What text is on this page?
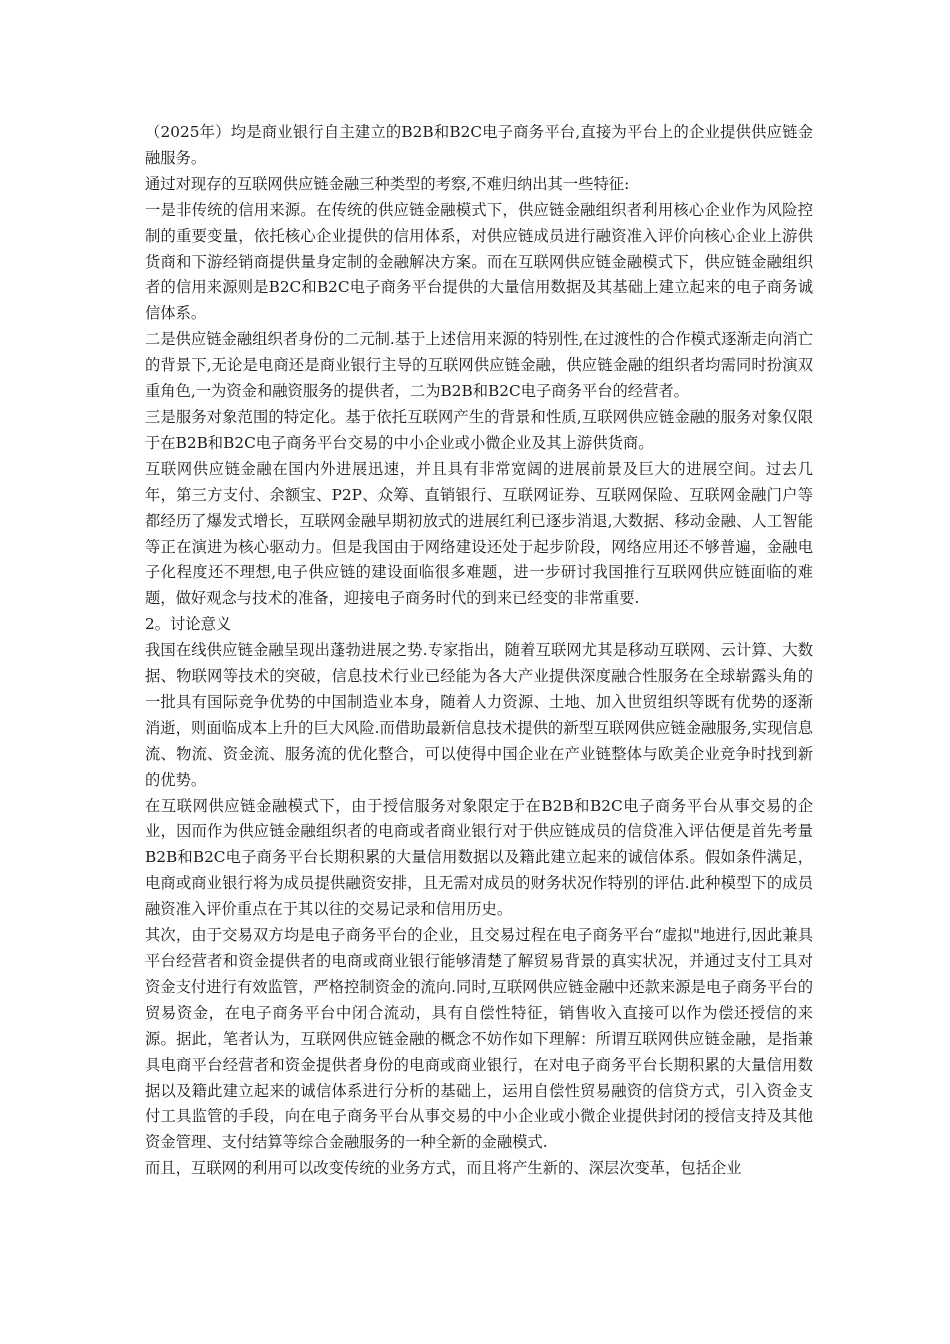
（2025年）均是商业银行自主建立的B2B和B2C电子商务平台,直接为平台上的企业提供供应链金融服务。

通过对现存的互联网供应链金融三种类型的考察,不难归纳出其一些特征:

一是非传统的信用来源。在传统的供应链金融模式下，供应链金融组织者利用核心企业作为风险控制的重要变量，依托核心企业提供的信用体系，对供应链成员进行融资准入评价向核心企业上游供货商和下游经销商提供量身定制的金融解决方案。而在互联网供应链金融模式下，供应链金融组织者的信用来源则是B2C和B2C电子商务平台提供的大量信用数据及其基础上建立起来的电子商务诚信体系。

二是供应链金融组织者身份的二元制.基于上述信用来源的特别性,在过渡性的合作模式逐渐走向消亡的背景下,无论是电商还是商业银行主导的互联网供应链金融，供应链金融的组织者均需同时扮演双重角色,一为资金和融资服务的提供者，二为B2B和B2C电子商务平台的经营者。

三是服务对象范围的特定化。基于依托互联网产生的背景和性质,互联网供应链金融的服务对象仅限于在B2B和B2C电子商务平台交易的中小企业或小微企业及其上游供货商。

互联网供应链金融在国内外进展迅速，并且具有非常宽阔的进展前景及巨大的进展空间。过去几年，第三方支付、余额宝、P2P、众筹、直销银行、互联网证券、互联网保险、互联网金融门户等都经历了爆发式增长，互联网金融早期初放式的进展红利已逐步消退,大数据、移动金融、人工智能等正在演进为核心驱动力。但是我国由于网络建设还处于起步阶段，网络应用还不够普遍，金融电子化程度还不理想,电子供应链的建设面临很多难题，进一步研讨我国推行互联网供应链面临的难题，做好观念与技术的准备，迎接电子商务时代的到来已经变的非常重要.

2。讨论意义

我国在线供应链金融呈现出蓬勃进展之势.专家指出，随着互联网尤其是移动互联网、云计算、大数据、物联网等技术的突破，信息技术行业已经能为各大产业提供深度融合性服务在全球崭露头角的一批具有国际竞争优势的中国制造业本身，随着人力资源、土地、加入世贸组织等既有优势的逐渐消逝，则面临成本上升的巨大风险.而借助最新信息技术提供的新型互联网供应链金融服务,实现信息流、物流、资金流、服务流的优化整合，可以使得中国企业在产业链整体与欧美企业竞争时找到新的优势。

在互联网供应链金融模式下，由于授信服务对象限定于在B2B和B2C电子商务平台从事交易的企业，因而作为供应链金融组织者的电商或者商业银行对于供应链成员的信贷准入评估便是首先考量B2B和B2C电子商务平台长期积累的大量信用数据以及籍此建立起来的诚信体系。假如条件满足，电商或商业银行将为成员提供融资安排，且无需对成员的财务状况作特别的评估.此种模型下的成员融资准入评价重点在于其以往的交易记录和信用历史。

其次，由于交易双方均是电子商务平台的企业，且交易过程在电子商务平台“虚拟"地进行,因此兼具平台经营者和资金提供者的电商或商业银行能够清楚了解贸易背景的真实状况，并通过支付工具对资金支付进行有效监管，严格控制资金的流向.同时,互联网供应链金融中还款来源是电子商务平台的贸易资金，在电子商务平台中闭合流动，具有自偿性特征，销售收入直接可以作为偿还授信的来源。据此，笔者认为，互联网供应链金融的概念不妨作如下理解：所谓互联网供应链金融，是指兼具电商平台经营者和资金提供者身份的电商或商业银行，在对电子商务平台长期积累的大量信用数据以及籍此建立起来的诚信体系进行分析的基础上，运用自偿性贸易融资的信贷方式，引入资金支付工具监管的手段，向在电子商务平台从事交易的中小企业或小微企业提供封闭的授信支持及其他资金管理、支付结算等综合金融服务的一种全新的金融模式.

而且，互联网的利用可以改变传统的业务方式，而且将产生新的、深层次变革，包括企业
